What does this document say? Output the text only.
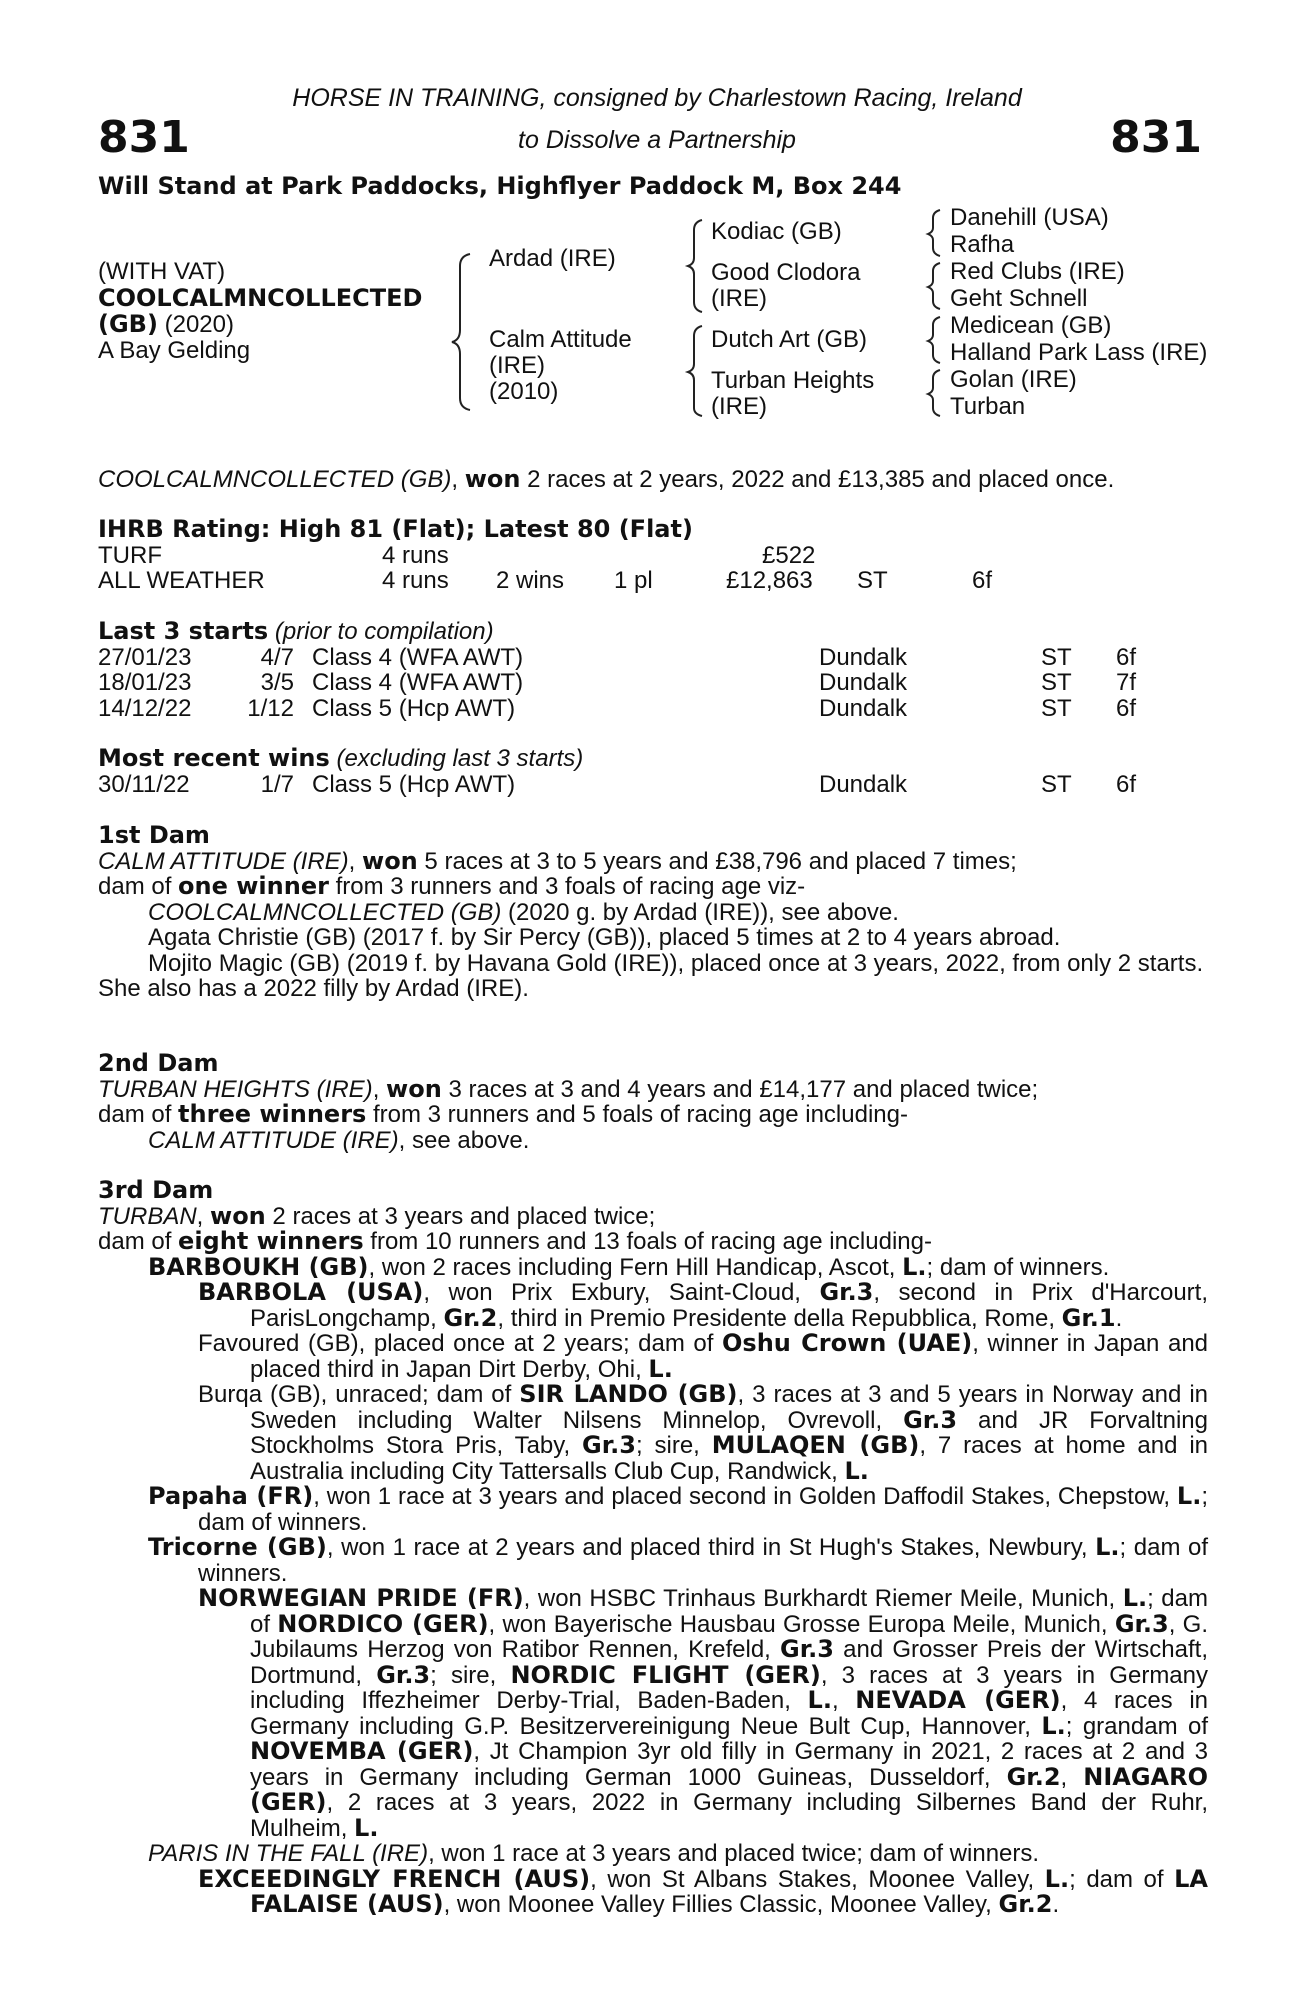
831	831
HORSE IN TRAINING, consigned by Charlestown Racing, Ireland
to Dissolve a Partnership
Will Stand at Park Paddocks, Highflyer Paddock M, Box 244
(WITH VAT)
COOLCALMNCOLLECTED
(GB) (2020)
A Bay Gelding
Ardad (IRE)
Calm Attitude
(IRE)
(2010)
Kodiac (GB)
Good Clodora
(IRE)
Dutch Art (GB)
Turban Heights
(IRE)
Danehill (USA)
Rafha
Red Clubs (IRE)
Geht Schnell
Medicean (GB)
Halland Park Lass (IRE)
Golan (IRE)
Turban
COOLCALMNCOLLECTED (GB), won 2 races at 2 years, 2022 and £13,385 and placed once.
IHRB Rating: High 81 (Flat); Latest 80 (Flat)
TURF	4 runs	£522
ALL WEATHER	4 runs 2 wins 1 pl	£12,863 ST	6f
Last 3 starts (prior to compilation)
27/01/23	4/7 Class 4 (WFA AWT)	Dundalk	ST 6f
18/01/23	3/5 Class 4 (WFA AWT)	Dundalk	ST 7f
14/12/22	1/12 Class 5 (Hcp AWT)	Dundalk	ST 6f
Most recent wins (excluding last 3 starts)
30/11/22	1/7 Class 5 (Hcp AWT)	Dundalk	ST 6f
1st Dam

CALM ATTITUDE (IRE), won 5 races at 3 to 5 years and £38,796 and placed 7 times;

dam of one winner from 3 runners and 3 foals of racing age viz-

COOLCALMNCOLLECTED (GB) (2020 g. by Ardad (IRE)), see above.

Agata Christie (GB) (2017 f. by Sir Percy (GB)), placed 5 times at 2 to 4 years abroad.

Mojito Magic (GB) (2019 f. by Havana Gold (IRE)), placed once at 3 years, 2022, from only 2 starts.

She also has a 2022 filly by Ardad (IRE).

2nd Dam

TURBAN HEIGHTS (IRE), won 3 races at 3 and 4 years and £14,177 and placed twice;

dam of three winners from 3 runners and 5 foals of racing age including-

CALM ATTITUDE (IRE), see above.

3rd Dam

TURBAN, won 2 races at 3 years and placed twice;

dam of eight winners from 10 runners and 13 foals of racing age including-

BARBOUKH (GB), won 2 races including Fern Hill Handicap, Ascot, L.; dam of winners.

BARBOLA (USA), won Prix Exbury, Saint-Cloud, Gr.3, second in Prix d'Harcourt, ParisLongchamp, Gr.2, third in Premio Presidente della Repubblica, Rome, Gr.1.

Favoured (GB), placed once at 2 years; dam of Oshu Crown (UAE), winner in Japan and placed third in Japan Dirt Derby, Ohi, L.

Burqa (GB), unraced; dam of SIR LANDO (GB), 3 races at 3 and 5 years in Norway and in Sweden including Walter Nilsens Minnelop, Ovrevoll, Gr.3 and JR Forvaltning Stockholms Stora Pris, Taby, Gr.3; sire, MULAQEN (GB), 7 races at home and in Australia including City Tattersalls Club Cup, Randwick, L.

Papaha (FR), won 1 race at 3 years and placed second in Golden Daffodil Stakes, Chepstow, L.; dam of winners.

Tricorne (GB), won 1 race at 2 years and placed third in St Hugh's Stakes, Newbury, L.; dam of winners.

NORWEGIAN PRIDE (FR), won HSBC Trinhaus Burkhardt Riemer Meile, Munich, L.; dam of NORDICO (GER), won Bayerische Hausbau Grosse Europa Meile, Munich, Gr.3, G. Jubilaums Herzog von Ratibor Rennen, Krefeld, Gr.3 and Grosser Preis der Wirtschaft, Dortmund, Gr.3; sire, NORDIC FLIGHT (GER), 3 races at 3 years in Germany including Iffezheimer Derby-Trial, Baden-Baden, L., NEVADA (GER), 4 races in Germany including G.P. Besitzervereinigung Neue Bult Cup, Hannover, L.; grandam of NOVEMBA (GER), Jt Champion 3yr old filly in Germany in 2021, 2 races at 2 and 3 years in Germany including German 1000 Guineas, Dusseldorf, Gr.2, NIAGARO (GER), 2 races at 3 years, 2022 in Germany including Silbernes Band der Ruhr, Mulheim, L.

PARIS IN THE FALL (IRE), won 1 race at 3 years and placed twice; dam of winners.

EXCEEDINGLY FRENCH (AUS), won St Albans Stakes, Moonee Valley, L.; dam of LA FALAISE (AUS), won Moonee Valley Fillies Classic, Moonee Valley, Gr.2.
